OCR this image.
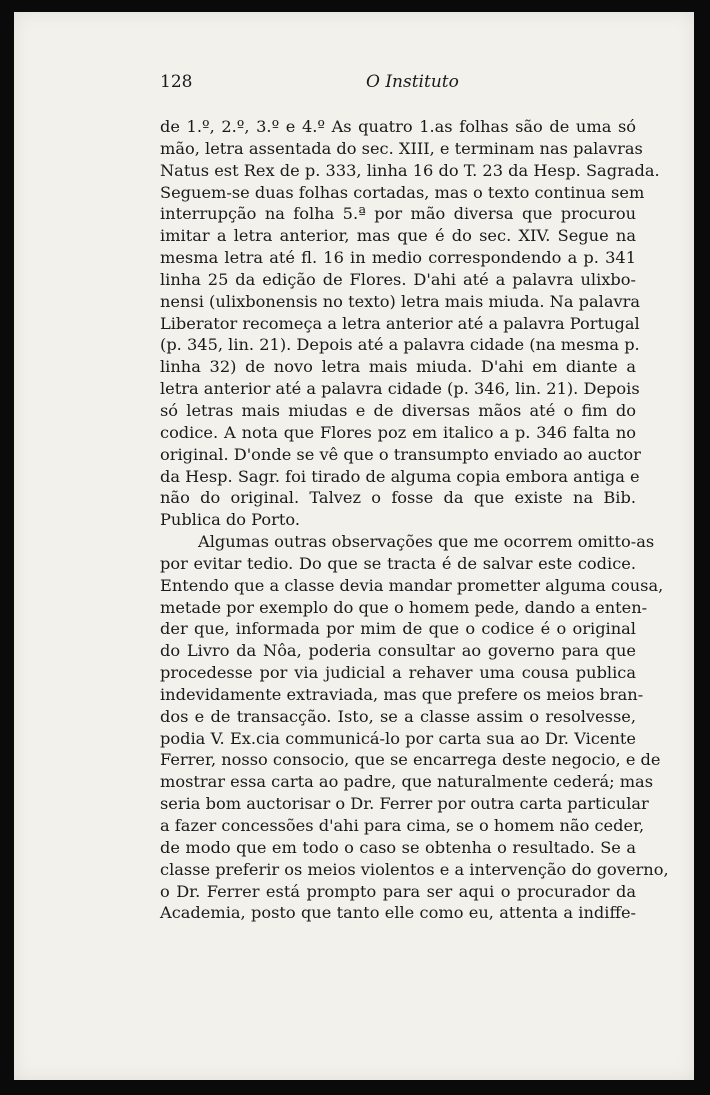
128	O Instituto
de 1.º, 2.º, 3.º e 4.º As quatro 1.as folhas são de uma só
mão, letra assentada do sec. XIII, e terminam nas palavras
Natus est Rex de p. 333, linha 16 do T. 23 da Hesp. Sagrada.
Seguem-se duas folhas cortadas, mas o texto continua sem
interrupção na folha 5.ª por mão diversa que procurou
imitar a letra anterior, mas que é do sec. XIV. Segue na
mesma letra até fl. 16 in medio correspondendo a p. 341
linha 25 da edição de Flores. D'ahi até a palavra ulixbo-
nensi (ulixbonensis no texto) letra mais miuda. Na palavra
Liberator recomeça a letra anterior até a palavra Portugal
(p. 345, lin. 21). Depois até a palavra cidade (na mesma p.
linha 32) de novo letra mais miuda. D'ahi em diante a
letra anterior até a palavra cidade (p. 346, lin. 21). Depois
só letras mais miudas e de diversas mãos até o fim do
codice. A nota que Flores poz em italico a p. 346 falta no
original. D'onde se vê que o transumpto enviado ao auctor
da Hesp. Sagr. foi tirado de alguma copia embora antiga e
não do original. Talvez o fosse da que existe na Bib.
Publica do Porto.
Algumas outras observações que me ocorrem omitto-as
por evitar tedio. Do que se tracta é de salvar este codice.
Entendo que a classe devia mandar prometter alguma cousa,
metade por exemplo do que o homem pede, dando a enten-
der que, informada por mim de que o codice é o original
do Livro da Nôa, poderia consultar ao governo para que
procedesse por via judicial a rehaver uma cousa publica
indevidamente extraviada, mas que prefere os meios bran-
dos e de transacção. Isto, se a classe assim o resolvesse,
podia V. Ex.cia communicá-lo por carta sua ao Dr. Vicente
Ferrer, nosso consocio, que se encarrega deste negocio, e de
mostrar essa carta ao padre, que naturalmente cederá; mas
seria bom auctorisar o Dr. Ferrer por outra carta particular
a fazer concessões d'ahi para cima, se o homem não ceder,
de modo que em todo o caso se obtenha o resultado. Se a
classe preferir os meios violentos e a intervenção do governo,
o Dr. Ferrer está prompto para ser aqui o procurador da
Academia, posto que tanto elle como eu, attenta a indiffe-
